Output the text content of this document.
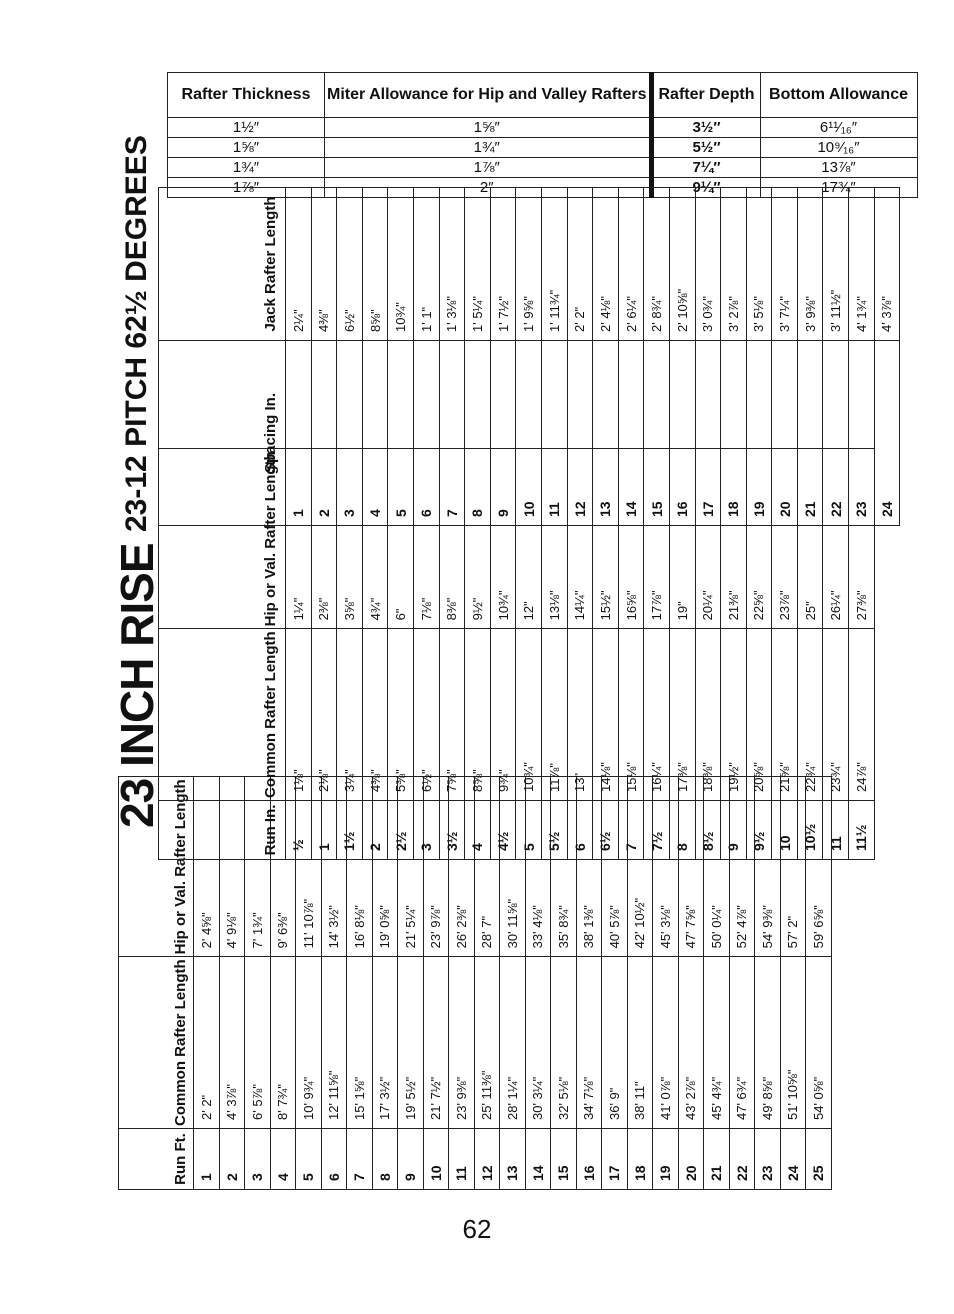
Rafter Thickness	Miter Allowance for Hip and Valley Rafters	Rafter Depth	Bottom Allowance
1½″	1⅝″	3½″	6¹¹⁄₁₆″
1⅝″	1¾″	5½″	10⁹⁄₁₆″
1¾″	1⅞″	7¼″	13⅞″
1⅞″	2″	9¼″	17¾″
23 INCH RISE
23-12 PITCH 62½ DEGREES
Run Ft.	Common Rafter Length	Hip or Val. Rafter Length
1	2' 2"	2' 4⅝"
2	4' 3⅞"	4' 9⅛"
3	6' 5⅞"	7' 1¾"
4	8' 7¾"	9' 6⅜"
5	10' 9¾"	11' 10⅞"
6	12' 11⅝"	14' 3½"
7	15' 1⅝"	16' 8⅛"
8	17' 3½"	19' 0⅝"
9	19' 5½"	21' 5¼"
10	21' 7½"	23' 9⅞"
11	23' 9⅜"	26' 2⅜"
12	25' 11⅜"	28' 7"
13	28' 1¼"	30' 11⅝"
14	30' 3¼"	33' 4⅛"
15	32' 5⅛"	35' 8¾"
16	34' 7⅛"	38' 1⅜"
17	36' 9"	40' 5⅞"
18	38' 11"	42' 10½"
19	41' 0⅞"	45' 3⅛"
20	43' 2⅞"	47' 7⅝"
21	45' 4¾"	50' 0¼"
22	47' 6¾"	52' 4⅞"
23	49' 8⅝"	54' 9⅜"
24	51' 10⅝"	57' 2"
25	54' 0⅝"	59' 6⅝"
Run In.	Common Rafter Length	Hip or Val. Rafter Length
½	1⅛"	1¼"
1	2⅛"	2⅜"
1½	3¼"	3⅝"
2	4⅜"	4¾"
2½	5⅜"	6"
3	6½"	7⅛"
3½	7⅝"	8⅜"
4	8⅝"	9½"
4½	9¾"	10¾"
5	10¾"	12"
5½	11⅞"	13⅛"
6	13"	14¼"
6½	14⅛"	15½"
7	15⅛"	16⅝"
7½	16¼"	17⅞"
8	17⅜"	19"
8½	18⅜"	20¼"
9	19½"	21⅜"
9½	20⅝"	22⅝"
10	21⅝"	23⅞"
10½	22¾"	25"
11	23¾"	26¼"
11½	24⅞"	27⅜"
Spacing In.	Jack Rafter Length
1	2¼"
2	4⅜"
3	6½"
4	8⅝"
5	10¾"
6	1' 1"
7	1' 3⅛"
8	1' 5¼"
9	1' 7½"
10	1' 9⅝"
11	1' 11¾"
12	2' 2"
13	2' 4⅛"
14	2' 6¼"
15	2' 8¾"
16	2' 10⅝"
17	3' 0¾"
18	3' 2⅞"
19	3' 5⅛"
20	3' 7¼"
21	3' 9⅜"
22	3' 11½"
23	4' 1¾"
24	4' 3⅞"
62
